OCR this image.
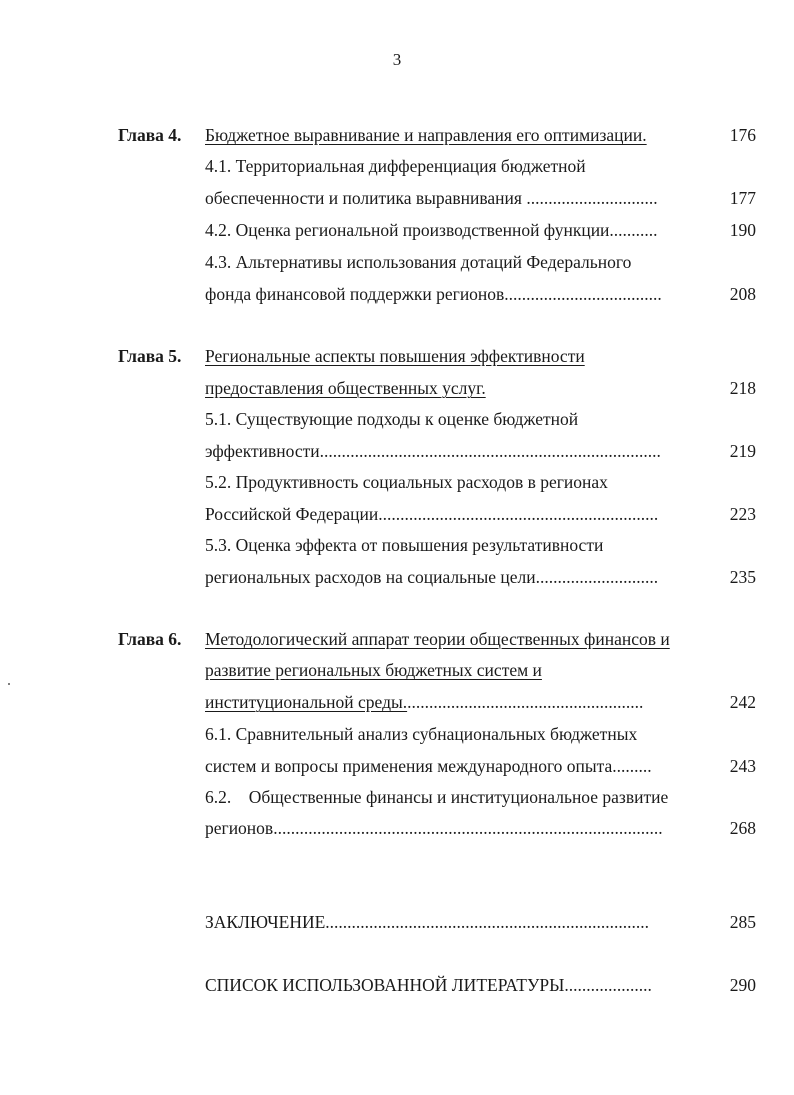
3
Глава 4. Бюджетное выравнивание и направления его оптимизации.	176
4.1. Территориальная дифференциация бюджетной
обеспеченности и политика выравнивания ..............................	177
4.2. Оценка региональной производственной функции...........	190
4.3. Альтернативы использования дотаций Федерального
фонда финансовой поддержки регионов....................................	208
Глава 5. Региональные аспекты повышения эффективности
предоставления общественных услуг.	218
5.1. Существующие подходы к оценке бюджетной
эффективности..............................................................................	219
5.2. Продуктивность социальных расходов в регионах
Российской Федерации................................................................	223
5.3. Оценка эффекта от повышения результативности
региональных расходов на социальные цели............................	235
Глава 6. Методологический аппарат теории общественных финансов и
развитие региональных бюджетных систем и
институциональной среды.......................................................	242
6.1. Сравнительный анализ субнациональных бюджетных
систем и вопросы применения международного опыта.........	243
6.2.    Общественные финансы и институциональное развитие
регионов.........................................................................................	268
ЗАКЛЮЧЕНИЕ..........................................................................	285
СПИСОК ИСПОЛЬЗОВАННОЙ ЛИТЕРАТУРЫ....................	290
